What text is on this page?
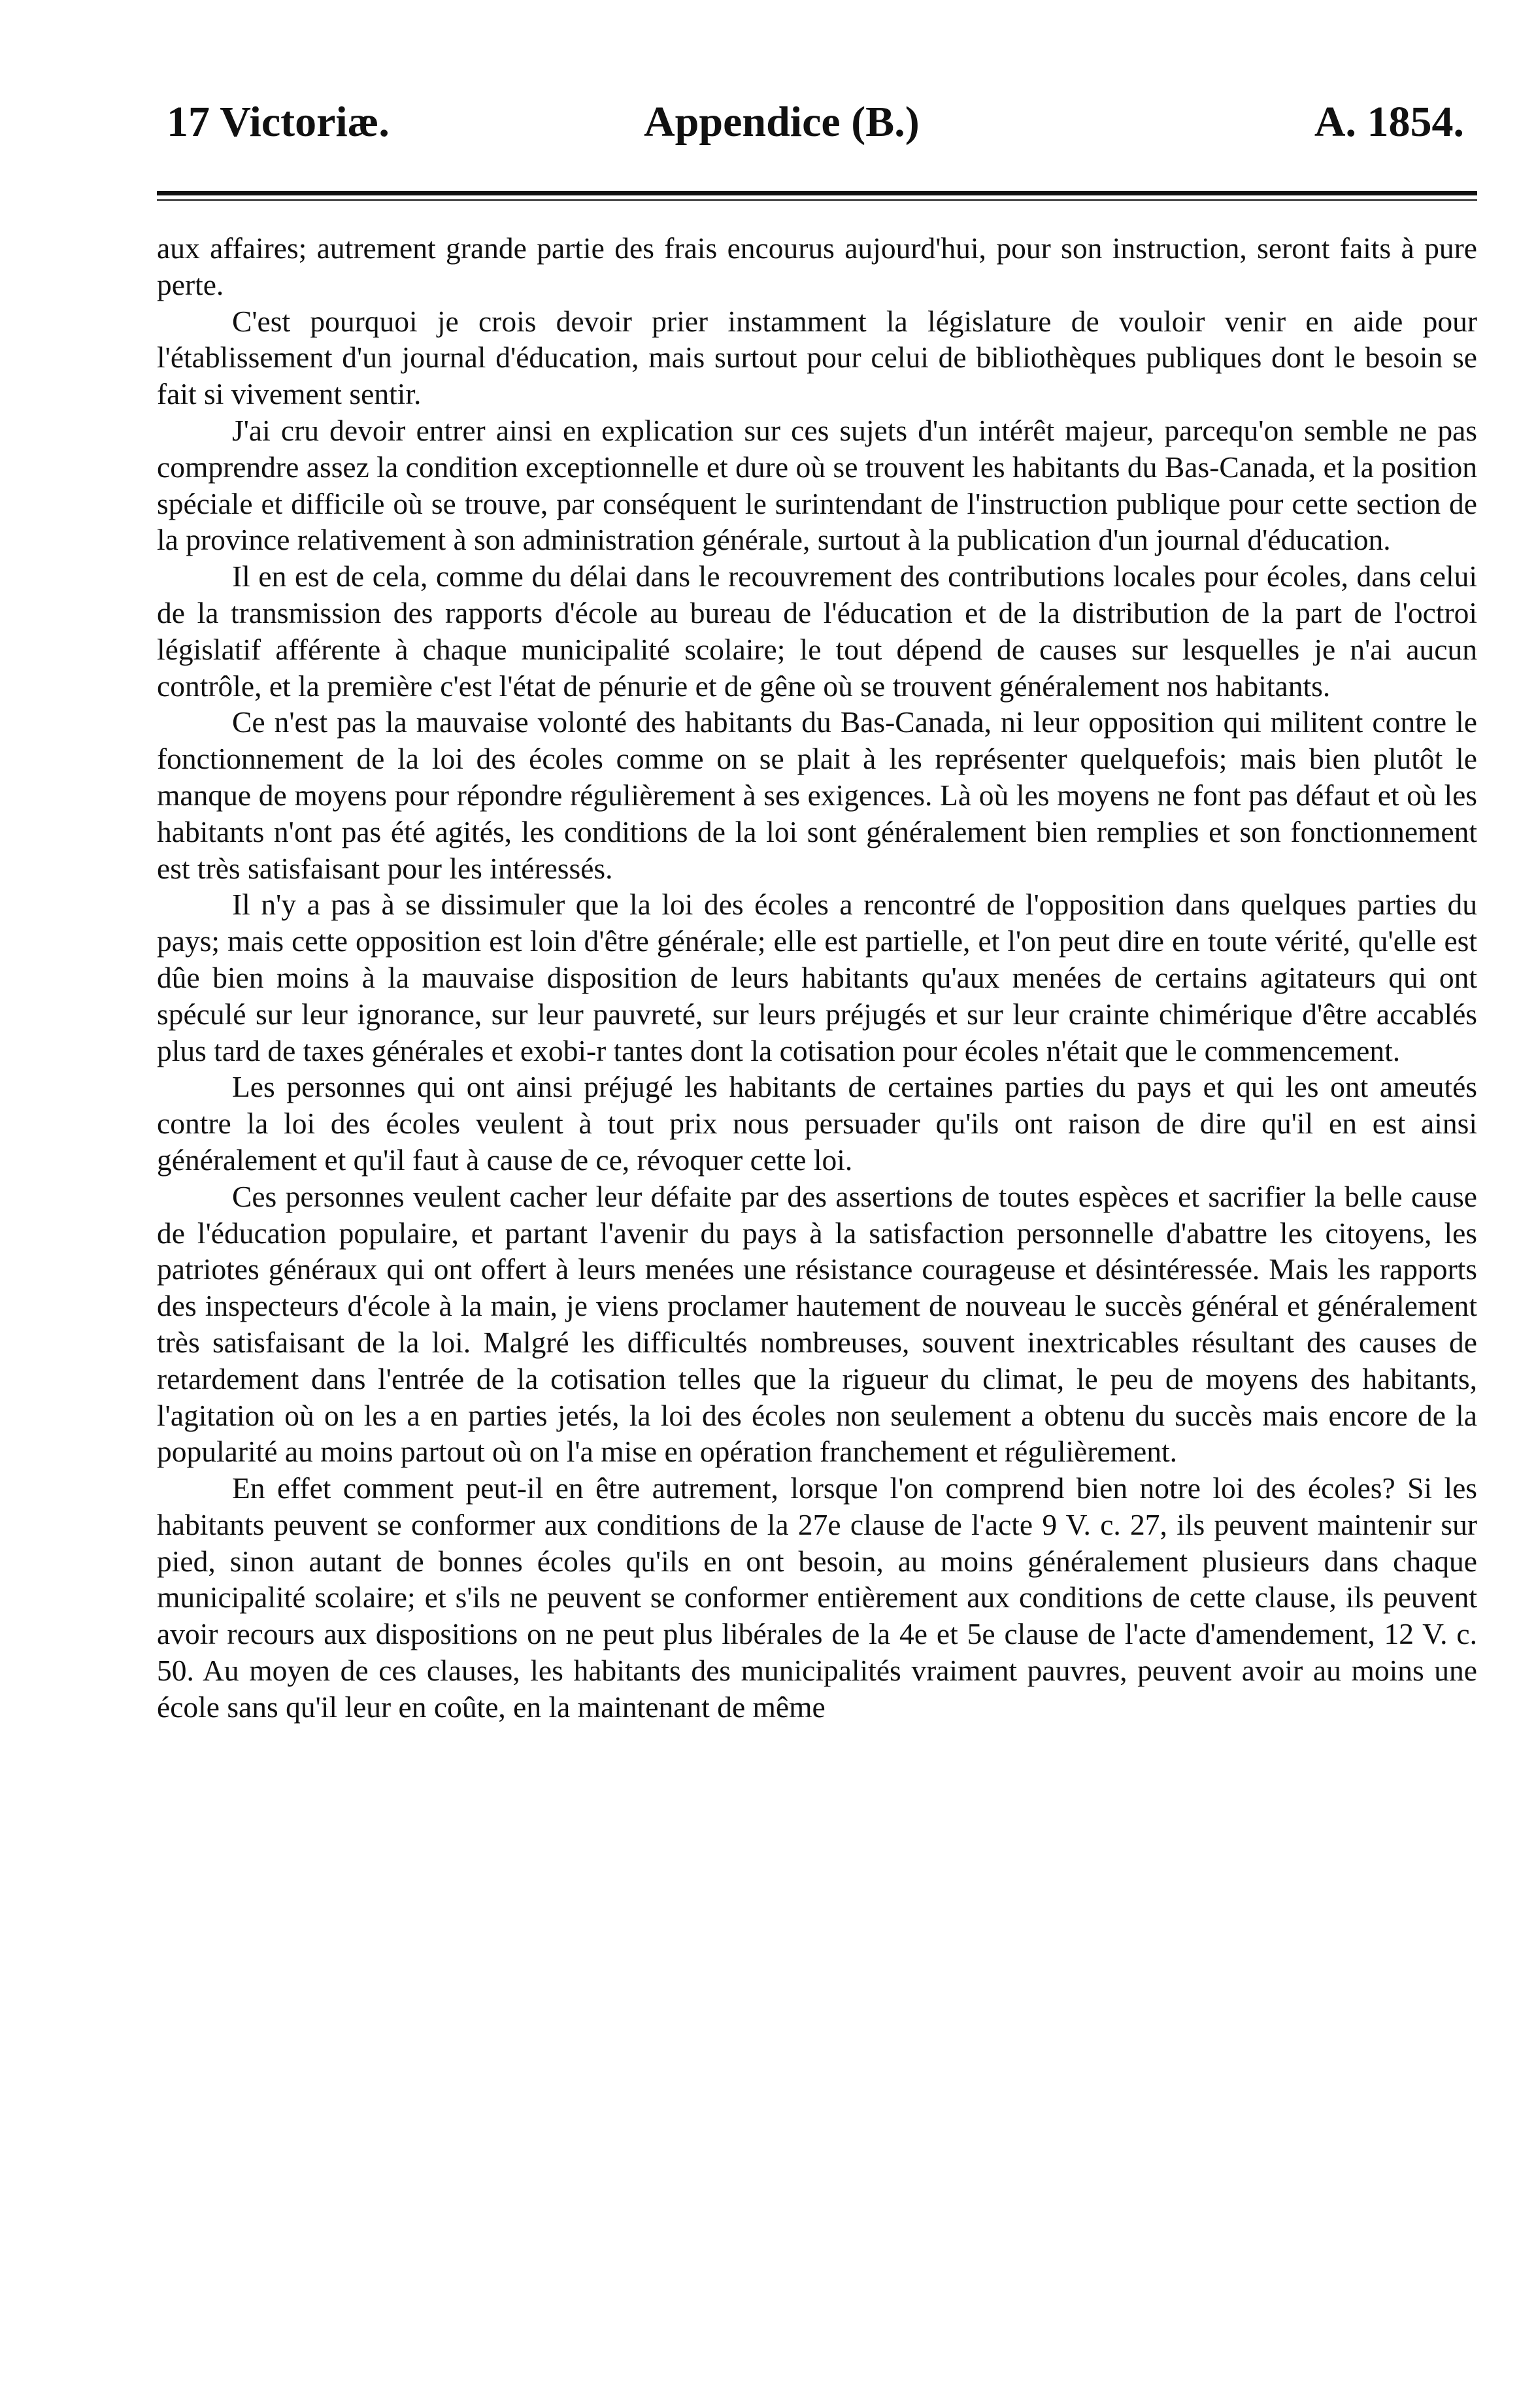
17 Victoriæ.	Appendice (B.)	A. 1854.

aux affaires; autrement grande partie des frais encourus aujourd'hui, pour son instruction, seront faits à pure perte.

C'est pourquoi je crois devoir prier instamment la législature de vouloir venir en aide pour l'établissement d'un journal d'éducation, mais surtout pour celui de bibliothèques publiques dont le besoin se fait si vivement sentir.

J'ai cru devoir entrer ainsi en explication sur ces sujets d'un intérêt majeur, parcequ'on semble ne pas comprendre assez la condition exceptionnelle et dure où se trouvent les habitants du Bas-Canada, et la position spéciale et difficile où se trouve, par conséquent le surintendant de l'instruction publique pour cette section de la province relativement à son administration générale, surtout à la publication d'un journal d'éducation.

Il en est de cela, comme du délai dans le recouvrement des contributions locales pour écoles, dans celui de la transmission des rapports d'école au bureau de l'éducation et de la distribution de la part de l'octroi législatif afférente à chaque municipalité scolaire; le tout dépend de causes sur lesquelles je n'ai aucun contrôle, et la première c'est l'état de pénurie et de gêne où se trouvent généralement nos habitants.

Ce n'est pas la mauvaise volonté des habitants du Bas-Canada, ni leur opposition qui militent contre le fonctionnement de la loi des écoles comme on se plait à les représenter quelquefois; mais bien plutôt le manque de moyens pour répondre régulièrement à ses exigences. Là où les moyens ne font pas défaut et où les habitants n'ont pas été agités, les conditions de la loi sont généralement bien remplies et son fonctionnement est très satisfaisant pour les intéressés.

Il n'y a pas à se dissimuler que la loi des écoles a rencontré de l'opposition dans quelques parties du pays; mais cette opposition est loin d'être générale; elle est partielle, et l'on peut dire en toute vérité, qu'elle est dûe bien moins à la mauvaise disposition de leurs habitants qu'aux menées de certains agitateurs qui ont spéculé sur leur ignorance, sur leur pauvreté, sur leurs préjugés et sur leur crainte chimérique d'être accablés plus tard de taxes générales et exobi-r tantes dont la cotisation pour écoles n'était que le commencement.

Les personnes qui ont ainsi préjugé les habitants de certaines parties du pays et qui les ont ameutés contre la loi des écoles veulent à tout prix nous persuader qu'ils ont raison de dire qu'il en est ainsi généralement et qu'il faut à cause de ce, révoquer cette loi.

Ces personnes veulent cacher leur défaite par des assertions de toutes espèces et sacrifier la belle cause de l'éducation populaire, et partant l'avenir du pays à la satisfaction personnelle d'abattre les citoyens, les patriotes généraux qui ont offert à leurs menées une résistance courageuse et désintéressée. Mais les rapports des inspecteurs d'école à la main, je viens proclamer hautement de nouveau le succès général et généralement très satisfaisant de la loi. Malgré les difficultés nombreuses, souvent inextricables résultant des causes de retardement dans l'entrée de la cotisation telles que la rigueur du climat, le peu de moyens des habitants, l'agitation où on les a en parties jetés, la loi des écoles non seulement a obtenu du succès mais encore de la popularité au moins partout où on l'a mise en opération franchement et régulièrement.

En effet comment peut-il en être autrement, lorsque l'on comprend bien notre loi des écoles? Si les habitants peuvent se conformer aux conditions de la 27e clause de l'acte 9 V. c. 27, ils peuvent maintenir sur pied, sinon autant de bonnes écoles qu'ils en ont besoin, au moins généralement plusieurs dans chaque municipalité scolaire; et s'ils ne peuvent se conformer entièrement aux conditions de cette clause, ils peuvent avoir recours aux dispositions on ne peut plus libérales de la 4e et 5e clause de l'acte d'amendement, 12 V. c. 50. Au moyen de ces clauses, les habitants des municipalités vraiment pauvres, peuvent avoir au moins une école sans qu'il leur en coûte, en la maintenant de même
